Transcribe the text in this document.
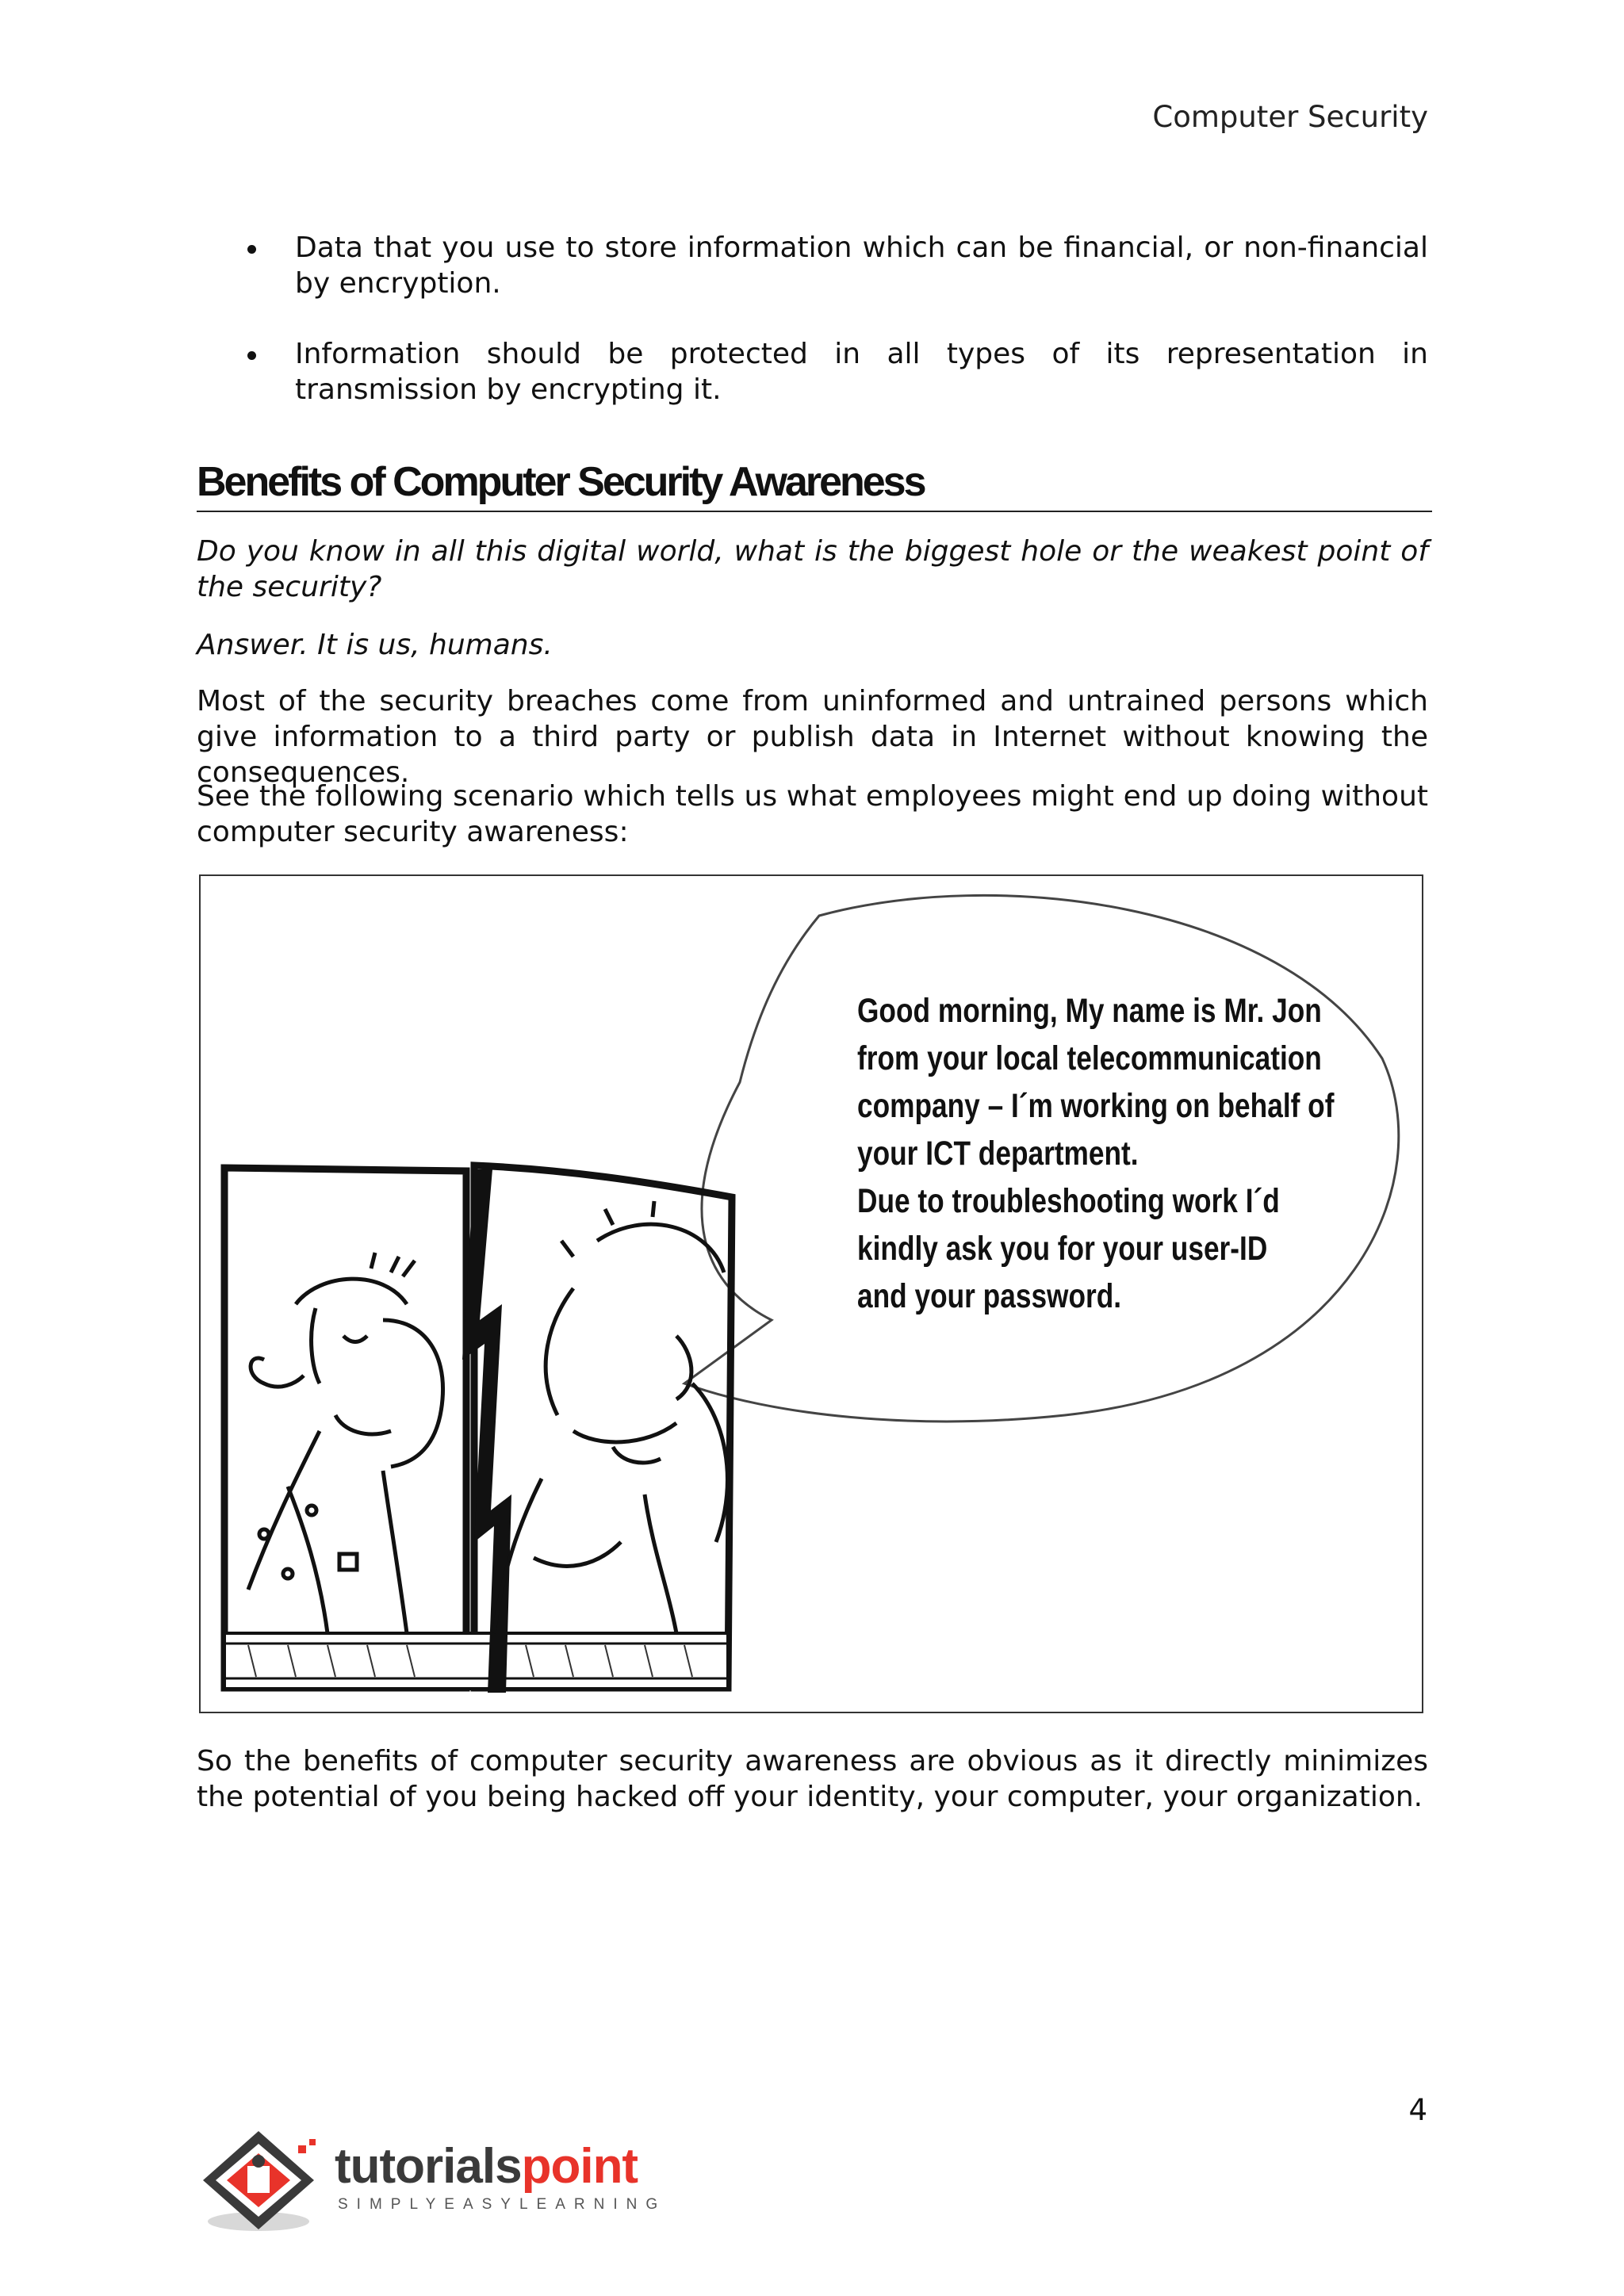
Computer Security
Data that you use to store information which can be financial, or non-financial by encryption.
Information should be protected in all types of its representation in transmission by encrypting it.
Benefits of Computer Security Awareness

Do you know in all this digital world, what is the biggest hole or the weakest point of the security?

Answer. It is us, humans.

Most of the security breaches come from uninformed and untrained persons which give information to a third party or publish data in Internet without knowing the consequences.

See the following scenario which tells us what employees might end up doing without computer security awareness:

Good morning, My name is Mr. Jon
from your local telecommunication
company – I´m working on behalf of
your ICT department.
Due to troubleshooting work I´d
kindly ask you for your user-ID
and your password.

So the benefits of computer security awareness are obvious as it directly minimizes the potential of you being hacked off your identity, your computer, your organization.

4
tutorialspoint
SIMPLYEASYLEARNING
